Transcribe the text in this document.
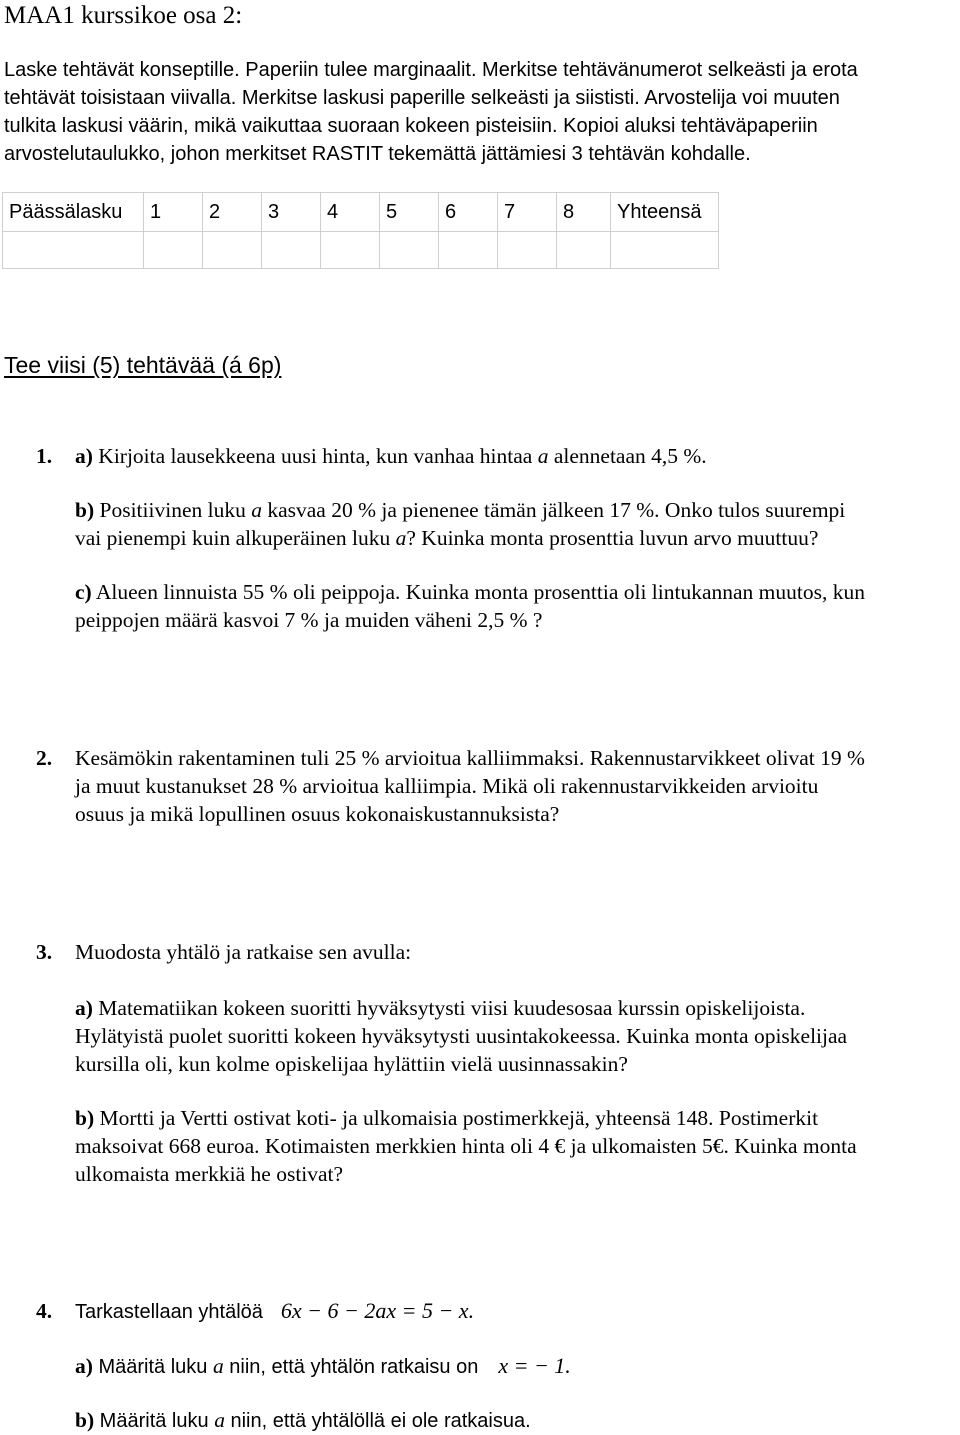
MAA1 kurssikoe osa 2:
Laske tehtävät konseptille. Paperiin tulee marginaalit. Merkitse tehtävänumerot selkeästi ja erota
tehtävät toisistaan viivalla. Merkitse laskusi paperille selkeästi ja siististi. Arvostelija voi muuten
tulkita laskusi väärin, mikä vaikuttaa suoraan kokeen pisteisiin. Kopioi aluksi tehtäväpaperiin
arvostelutaulukko, johon merkitset RASTIT tekemättä jättämiesi 3 tehtävän kohdalle.
Päässälasku	1	2	3	4	5	6	7	8	Yhteensä

Tee viisi (5) tehtävää (á 6p)
1. a) Kirjoita lausekkeena uusi hinta, kun vanhaa hintaa a alennetaan 4,5 %.
b) Positiivinen luku a kasvaa 20 % ja pienenee tämän jälkeen 17 %. Onko tulos suurempi
vai pienempi kuin alkuperäinen luku a? Kuinka monta prosenttia luvun arvo muuttuu?
c) Alueen linnuista 55 % oli peippoja. Kuinka monta prosenttia oli lintukannan muutos, kun
peippojen määrä kasvoi 7 % ja muiden väheni 2,5 % ?
2. Kesämökin rakentaminen tuli 25 % arvioitua kalliimmaksi. Rakennustarvikkeet olivat 19 %
ja muut kustanukset 28 % arvioitua kalliimpia. Mikä oli rakennustarvikkeiden arvioitu
osuus ja mikä lopullinen osuus kokonaiskustannuksista?
3. Muodosta yhtälö ja ratkaise sen avulla:
a) Matematiikan kokeen suoritti hyväksytysti viisi kuudesosaa kurssin opiskelijoista.
Hylätyistä puolet suoritti kokeen hyväksytysti uusintakokeessa. Kuinka monta opiskelijaa
kursilla oli, kun kolme opiskelijaa hylättiin vielä uusinnassakin?
b) Mortti ja Vertti ostivat koti- ja ulkomaisia postimerkkejä, yhteensä 148. Postimerkit
maksoivat 668 euroa. Kotimaisten merkkien hinta oli 4 € ja ulkomaisten 5€. Kuinka monta
ulkomaista merkkiä he ostivat?
4. Tarkastellaan yhtälöä 6x − 6 − 2ax = 5 − x.
a) Määritä luku a niin, että yhtälön ratkaisu on x = − 1.
b) Määritä luku a niin, että yhtälöllä ei ole ratkaisua.
